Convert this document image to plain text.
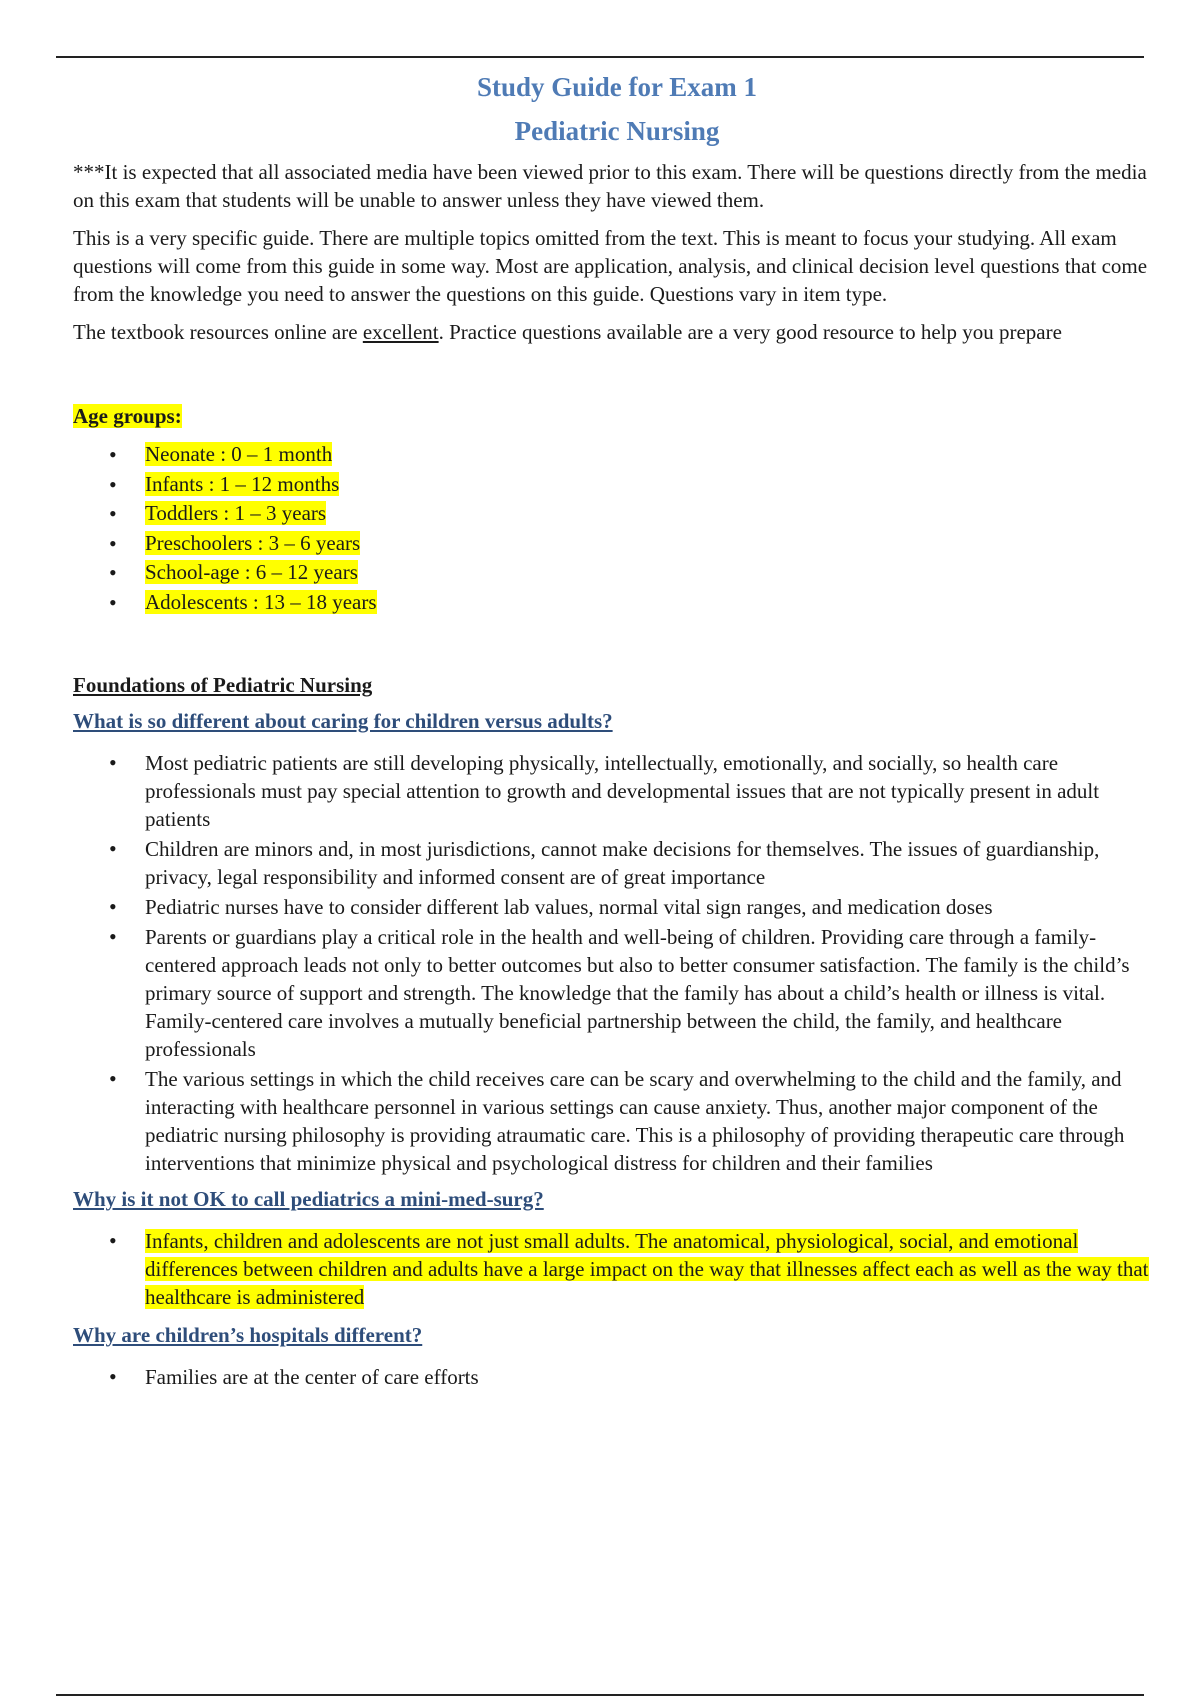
Study Guide for Exam 1
Pediatric Nursing

***It is expected that all associated media have been viewed prior to this exam. There will be questions directly from the media on this exam that students will be unable to answer unless they have viewed them.

This is a very specific guide. There are multiple topics omitted from the text. This is meant to focus your studying. All exam questions will come from this guide in some way. Most are application, analysis, and clinical decision level questions that come from the knowledge you need to answer the questions on this guide. Questions vary in item type.

The textbook resources online are excellent. Practice questions available are a very good resource to help you prepare

Age groups:
• Neonate : 0 – 1 month
• Infants : 1 – 12 months
• Toddlers : 1 – 3 years
• Preschoolers : 3 – 6 years
• School-age : 6 – 12 years
• Adolescents : 13 – 18 years
Foundations of Pediatric Nursing
What is so different about caring for children versus adults?
• Most pediatric patients are still developing physically, intellectually, emotionally, and socially, so health care professionals must pay special attention to growth and developmental issues that are not typically present in adult patients
• Children are minors and, in most jurisdictions, cannot make decisions for themselves. The issues of guardianship, privacy, legal responsibility and informed consent are of great importance
• Pediatric nurses have to consider different lab values, normal vital sign ranges, and medication doses
• Parents or guardians play a critical role in the health and well-being of children. Providing care through a family-centered approach leads not only to better outcomes but also to better consumer satisfaction. The family is the child’s primary source of support and strength. The knowledge that the family has about a child’s health or illness is vital. Family-centered care involves a mutually beneficial partnership between the child, the family, and healthcare professionals
• The various settings in which the child receives care can be scary and overwhelming to the child and the family, and interacting with healthcare personnel in various settings can cause anxiety. Thus, another major component of the pediatric nursing philosophy is providing atraumatic care. This is a philosophy of providing therapeutic care through interventions that minimize physical and psychological distress for children and their families
Why is it not OK to call pediatrics a mini-med-surg?
• Infants, children and adolescents are not just small adults. The anatomical, physiological, social, and emotional differences between children and adults have a large impact on the way that illnesses affect each as well as the way that healthcare is administered
Why are children’s hospitals different?
• Families are at the center of care efforts
